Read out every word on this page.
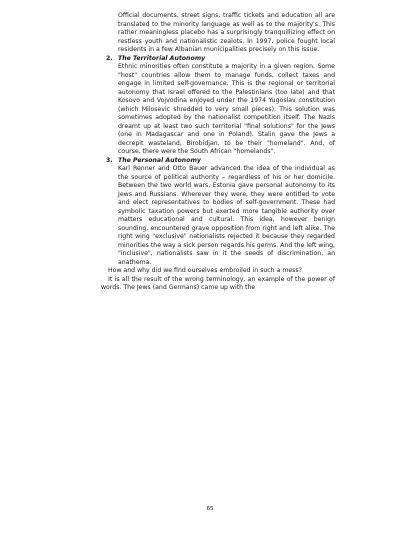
Official documents, street signs, traffic tickets and education all are translated to the minority language as well as to the majority's. This rather meaningless placebo has a surprisingly tranquillizing effect on restless youth and nationalistic zealots. In 1997, police fought local residents in a few Albanian municipalities precisely on this issue.

2. The Territorial Autonomy

Ethnic minorities often constitute a majority in a given region. Some "host" countries allow them to manage funds, collect taxes and engage in limited self-governance. This is the regional or territorial autonomy that Israel offered to the Palestinians (too late) and that Kosovo and Vojvodina enjoyed under the 1974 Yugoslav constitution (which Milosevic shredded to very small pieces). This solution was sometimes adopted by the nationalist competition itself. The Nazis dreamt up at least two such territorial "final solutions" for the Jews (one in Madagascar and one in Poland). Stalin gave the Jews a decrepit wasteland, Birobidjan, to be their "homeland". And, of course, there were the South African "homelands".

3. The Personal Autonomy

Karl Renner and Otto Bauer advanced the idea of the individual as the source of political authority – regardless of his or her domicile. Between the two world wars, Estonia gave personal autonomy to its Jews and Russians. Wherever they were, they were entitled to vote and elect representatives to bodies of self-government. These had symbolic taxation powers but exerted more tangible authority over matters educational and cultural. This idea, however benign sounding, encountered grave opposition from right and left alike. The right wing "exclusive" nationalists rejected it because they regarded minorities the way a sick person regards his germs. And the left wing, "inclusive", nationalists saw in it the seeds of discrimination, an anathema.

How and why did we find ourselves embroiled in such a mess?

It is all the result of the wrong terminology, an example of the power of words. The Jews (and Germans) came up with the

65
